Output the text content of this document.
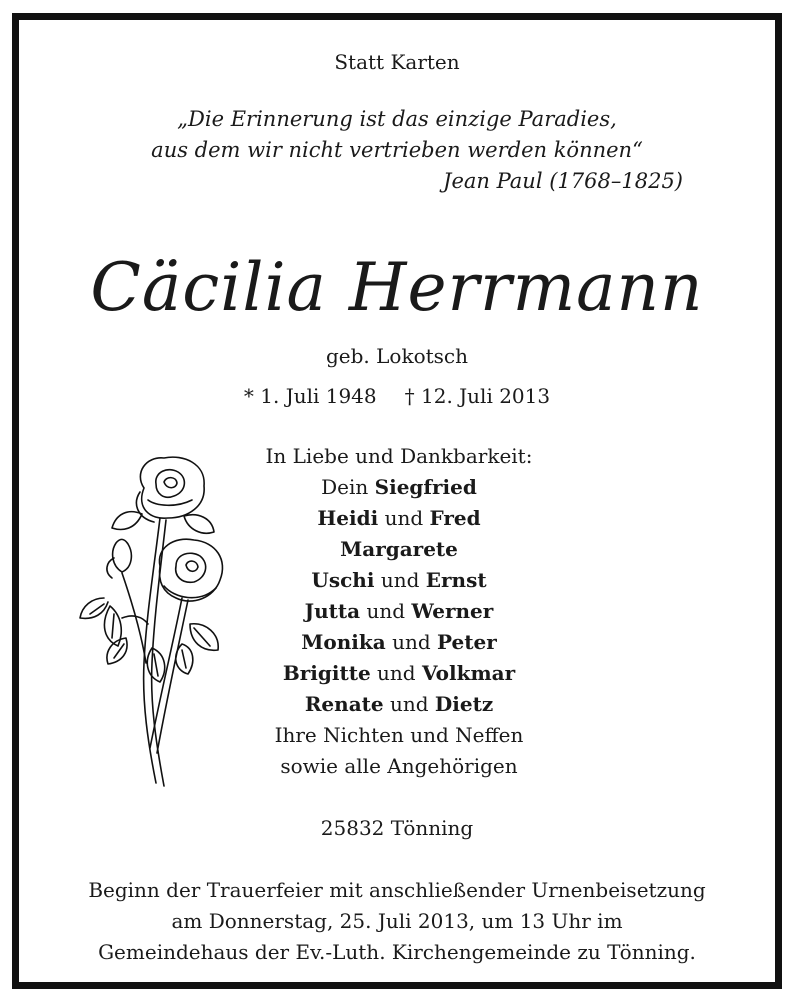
Statt Karten
„Die Erinnerung ist das einzige Paradies,
aus dem wir nicht vertrieben werden können“
Jean Paul (1768–1825)
Cäcilia Herrmann
geb. Lokotsch
* 1. Juli 1948 † 12. Juli 2013
In Liebe und Dankbarkeit:
Dein Siegfried
Heidi und Fred
Margarete
Uschi und Ernst
Jutta und Werner
Monika und Peter
Brigitte und Volkmar
Renate und Dietz
Ihre Nichten und Neffen
sowie alle Angehörigen
25832 Tönning
Beginn der Trauerfeier mit anschließender Urnenbeisetzung
am Donnerstag, 25. Juli 2013, um 13 Uhr im
Gemeindehaus der Ev.-Luth. Kirchengemeinde zu Tönning.
